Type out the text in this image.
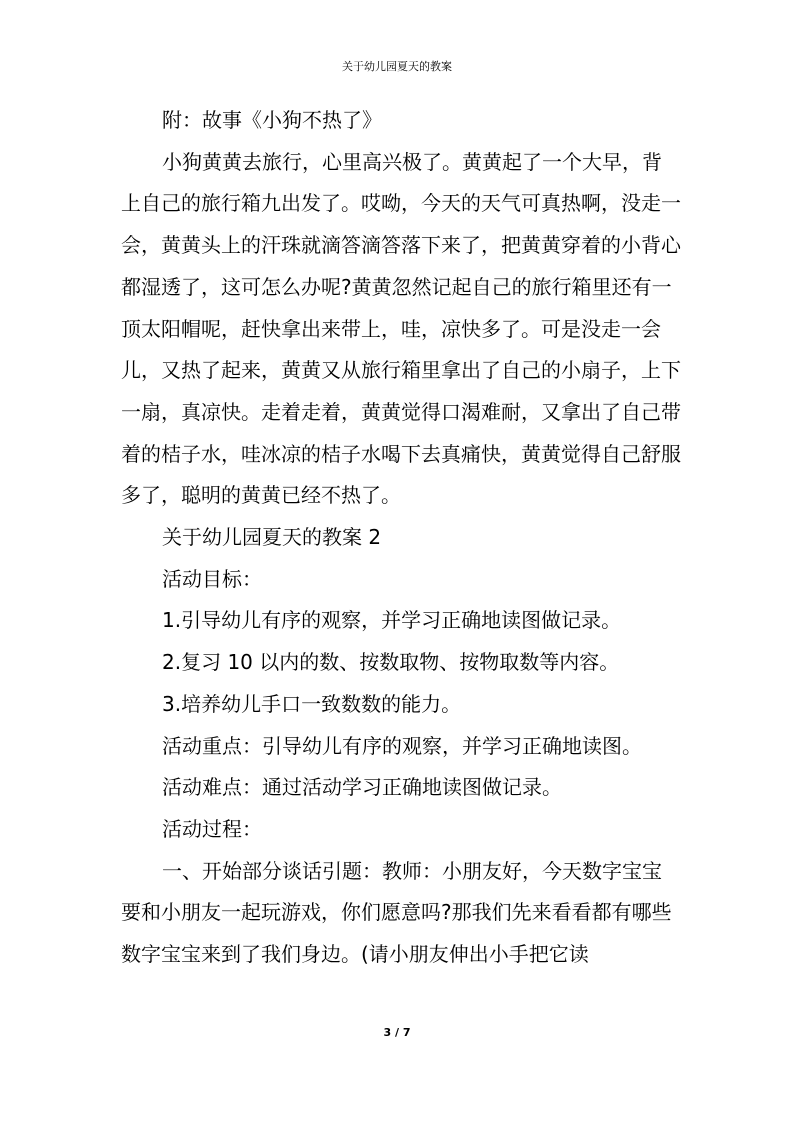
关于幼儿园夏天的教案

附：故事《小狗不热了》

小狗黄黄去旅行，心里高兴极了。黄黄起了一个大早，背上自己的旅行箱九出发了。哎呦，今天的天气可真热啊，没走一会，黄黄头上的汗珠就滴答滴答落下来了，把黄黄穿着的小背心都湿透了，这可怎么办呢?黄黄忽然记起自己的旅行箱里还有一顶太阳帽呢，赶快拿出来带上，哇，凉快多了。可是没走一会儿，又热了起来，黄黄又从旅行箱里拿出了自己的小扇子，上下一扇，真凉快。走着走着，黄黄觉得口渴难耐，又拿出了自己带着的桔子水，哇冰凉的桔子水喝下去真痛快，黄黄觉得自己舒服多了，聪明的黄黄已经不热了。

关于幼儿园夏天的教案 2

活动目标：

1.引导幼儿有序的观察，并学习正确地读图做记录。

2.复习 10 以内的数、按数取物、按物取数等内容。

3.培养幼儿手口一致数数的能力。

活动重点：引导幼儿有序的观察，并学习正确地读图。

活动难点：通过活动学习正确地读图做记录。

活动过程：

一、开始部分谈话引题：教师：小朋友好，今天数字宝宝要和小朋友一起玩游戏，你们愿意吗?那我们先来看看都有哪些数字宝宝来到了我们身边。(请小朋友伸出小手把它读

3 / 7
